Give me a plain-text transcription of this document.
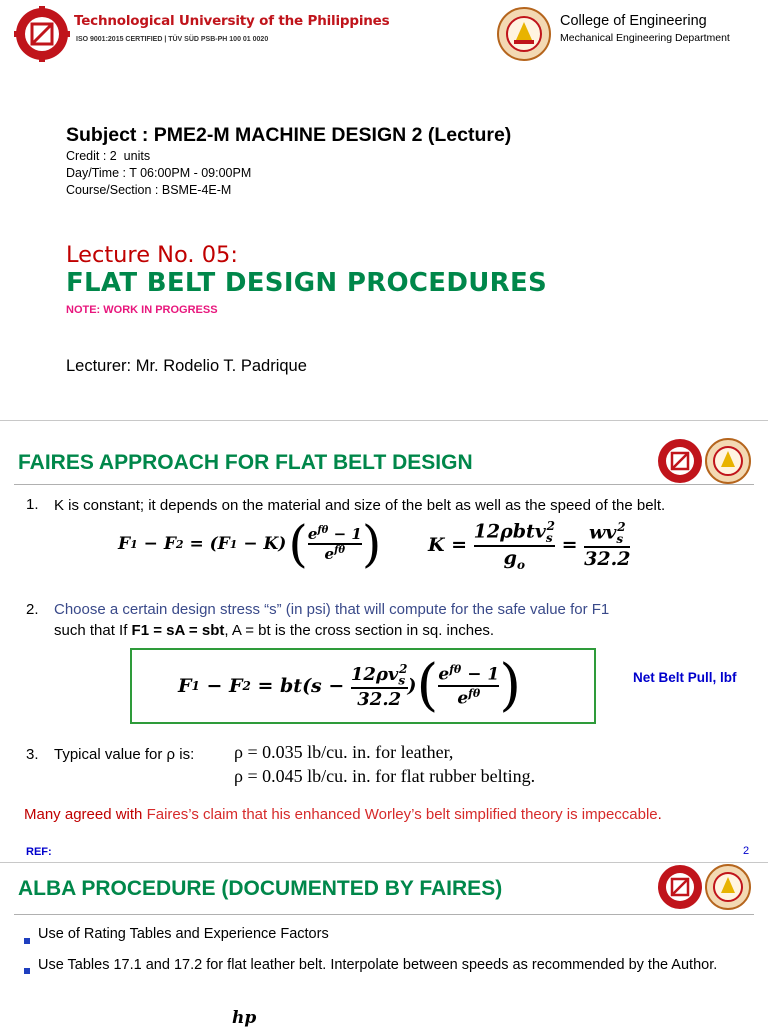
Technological University of the Philippines
ISO 9001:2015 CERTIFIED | TÜV SÜD PSB-PH 100 01 0020
College of Engineering
Mechanical Engineering Department
Subject : PME2-M MACHINE DESIGN 2 (Lecture)
Credit : 2  units
Day/Time : T 06:00PM - 09:00PM
Course/Section : BSME-4E-M
Lecture No. 05:
FLAT BELT DESIGN PROCEDURES
NOTE: WORK IN PROGRESS
Lecturer: Mr. Rodelio T. Padrique
FAIRES APPROACH FOR FLAT BELT DESIGN
1. K is constant; it depends on the material and size of the belt as well as the speed of the belt.
F 1 − F 2 = (F 1 − K) ( $\frac{e^{f\theta} - 1}{e^{f\theta}}$ ) $K = \frac{12\rho btv_s^2}{g_o} = \frac{wv_s^2}{32.2}$
2. Choose a certain design stress “s” (in psi) that will compute for the safe value for F1
such that If F1 = sA = sbt, A = bt is the cross section in sq. inches.
F 1 − F $2 = bt(s - \frac{12\rho v_s^2}{32.2}$ ) ( $\frac{e^{f\theta} - 1}{e^{f\theta}}$ )	Net Belt Pull, lbf
3. Typical value for ρ is: ρ = 0.035 lb/cu. in. for leather,
ρ = 0.045 lb/cu. in. for flat rubber belting.
Many agreed with Faires’s claim that his enhanced Worley’s belt simplified theory is impeccable.
REF:	2
ALBA PROCEDURE (DOCUMENTED BY FAIRES)
Use of Rating Tables and Experience Factors
Use Tables 17.1 and 17.2 for flat leather belt. Interpolate between speeds as recommended by the Author.
hp
